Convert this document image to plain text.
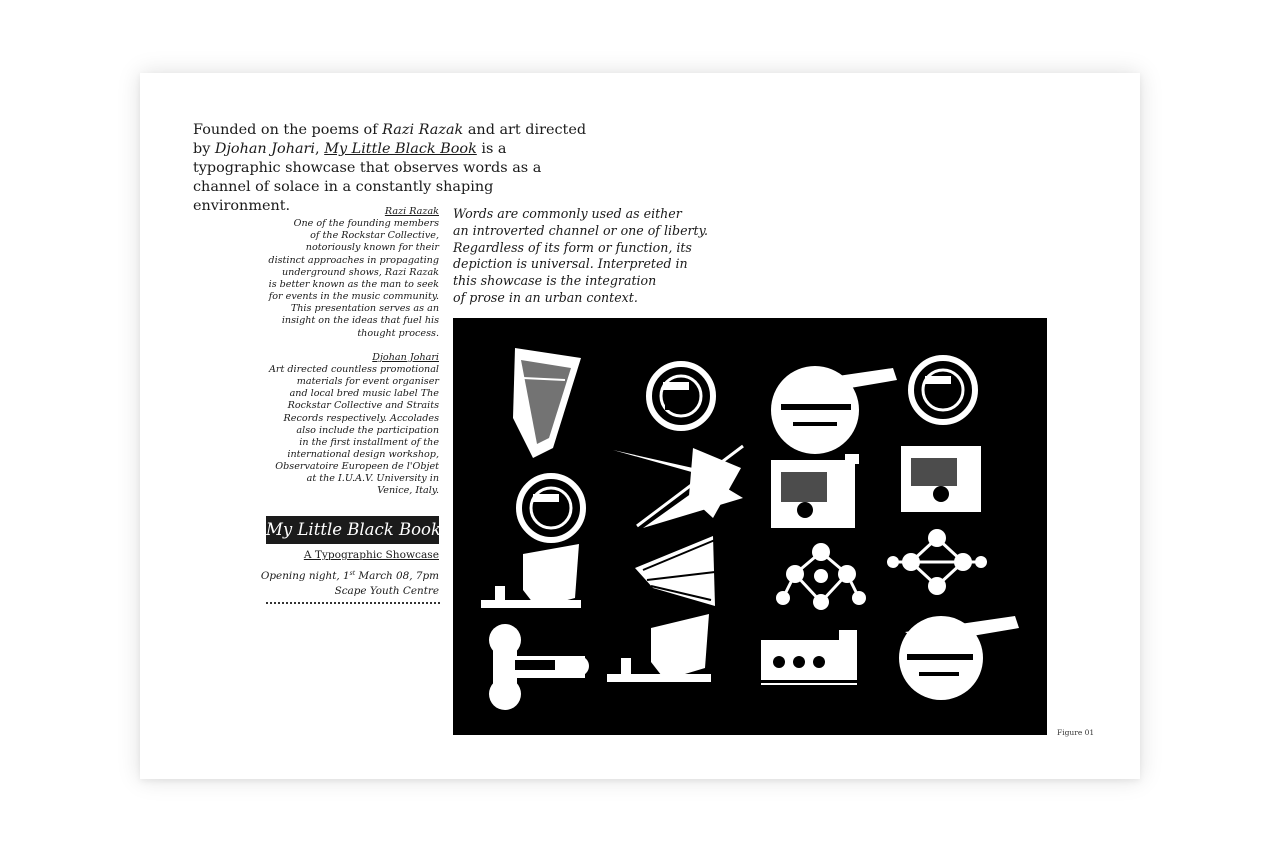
Founded on the poems of Razi Razak and art directed by Djohan Johari, My Little Black Book is a typographic showcase that observes words as a channel of solace in a constantly shaping environment.	Razi Razak
One of the founding members
of the Rockstar Collective,
notoriously known for their
distinct approaches in propagating
underground shows, Razi Razak
is better known as the man to seek
for events in the music community.
This presentation serves as an
insight on the ideas that fuel his
thought process.
Djohan Johari
Art directed countless promotional
materials for event organiser
and local bred music label The
Rockstar Collective and Straits
Records respectively. Accolades
also include the participation
in the first installment of the
international design workshop,
Observatoire Europeen de l'Objet
at the I.U.A.V. University in
Venice, Italy.

Words are commonly used as either
an introverted channel or one of liberty.
Regardless of its form or function, its
depiction is universal. Interpreted in
this showcase is the integration
of prose in an urban context.

My Little Black Book
A Typographic Showcase
Opening night, 1st March 08, 7pm
Scape Youth Centre
Figure 01
